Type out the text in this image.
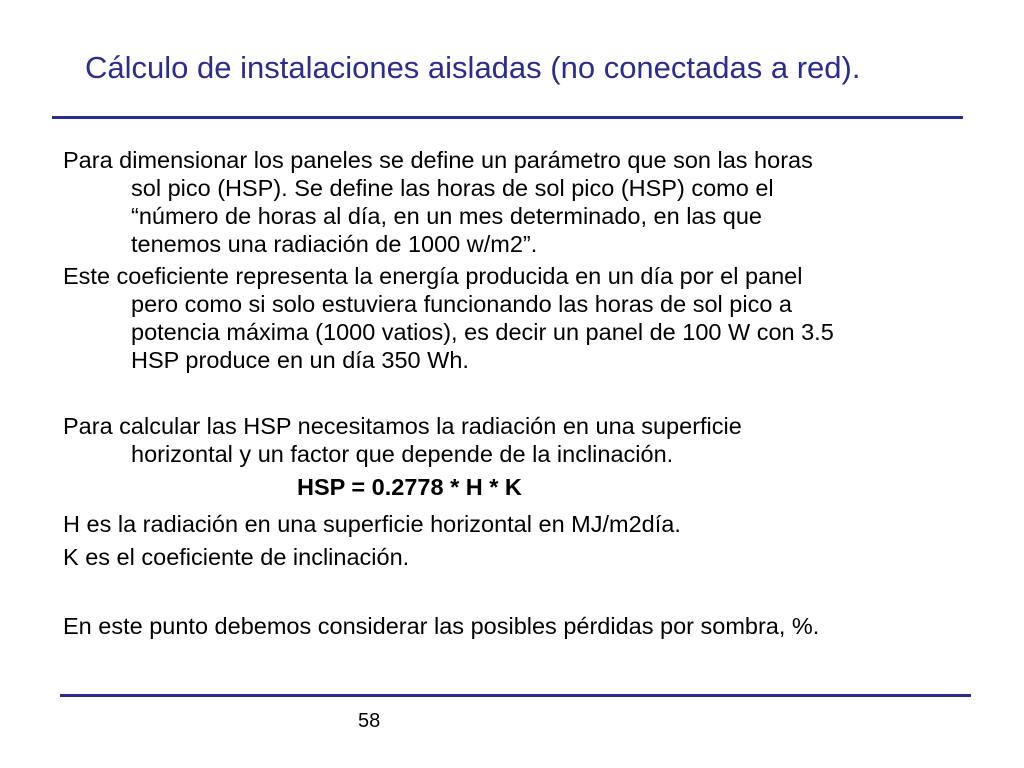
Cálculo de instalaciones aisladas (no conectadas a red).
Para dimensionar los paneles se define un parámetro que son las horas
sol pico (HSP). Se define las horas de sol pico (HSP) como el
“número de horas al día, en un mes determinado, en las que
tenemos una radiación de 1000 w/m2”.
Este coeficiente representa la energía producida en un día por el panel
pero como si solo estuviera funcionando las horas de sol pico a
potencia máxima (1000 vatios), es decir un panel de 100 W con 3.5
HSP produce en un día 350 Wh.
Para calcular las HSP necesitamos la radiación en una superficie
horizontal y un factor que depende de la inclinación.

HSP = 0.2778 * H * K

H es la radiación en una superficie horizontal en MJ/m2día.
K es el coeficiente de inclinación.
En este punto debemos considerar las posibles pérdidas por sombra, %.
58
